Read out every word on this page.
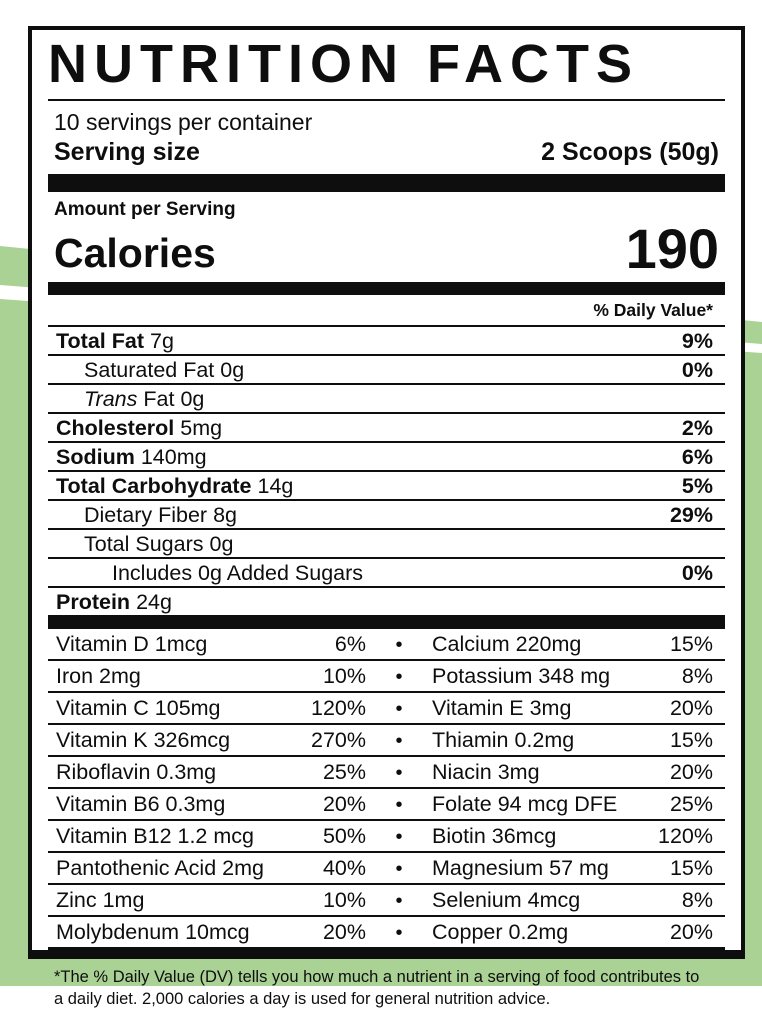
NUTRITION FACTS
10 servings per container
Serving size	2 Scoops (50g)
Amount per Serving
Calories	190
% Daily Value*
Total Fat 7g	9%
Saturated Fat 0g	0%
Trans Fat 0g
Cholesterol 5mg	2%
Sodium 140mg	6%
Total Carbohydrate 14g	5%
Dietary Fiber 8g	29%
Total Sugars 0g
Includes 0g Added Sugars	0%
Protein 24g
Vitamin D 1mcg	6%	•	Calcium 220mg	15%
Iron 2mg	10%	•	Potassium 348 mg	8%
Vitamin C 105mg	120%	•	Vitamin E 3mg	20%
Vitamin K 326mcg	270%	•	Thiamin 0.2mg	15%
Riboflavin 0.3mg	25%	•	Niacin 3mg	20%
Vitamin B6 0.3mg	20%	•	Folate 94 mcg DFE	25%
Vitamin B12 1.2 mcg	50%	•	Biotin 36mcg	120%
Pantothenic Acid 2mg	40%	•	Magnesium 57 mg	15%
Zinc 1mg	10%	•	Selenium 4mcg	8%
Molybdenum 10mcg	20%	•	Copper 0.2mg	20%
*The % Daily Value (DV) tells you how much a nutrient in a serving of food contributes to
a daily diet. 2,000 calories a day is used for general nutrition advice.
